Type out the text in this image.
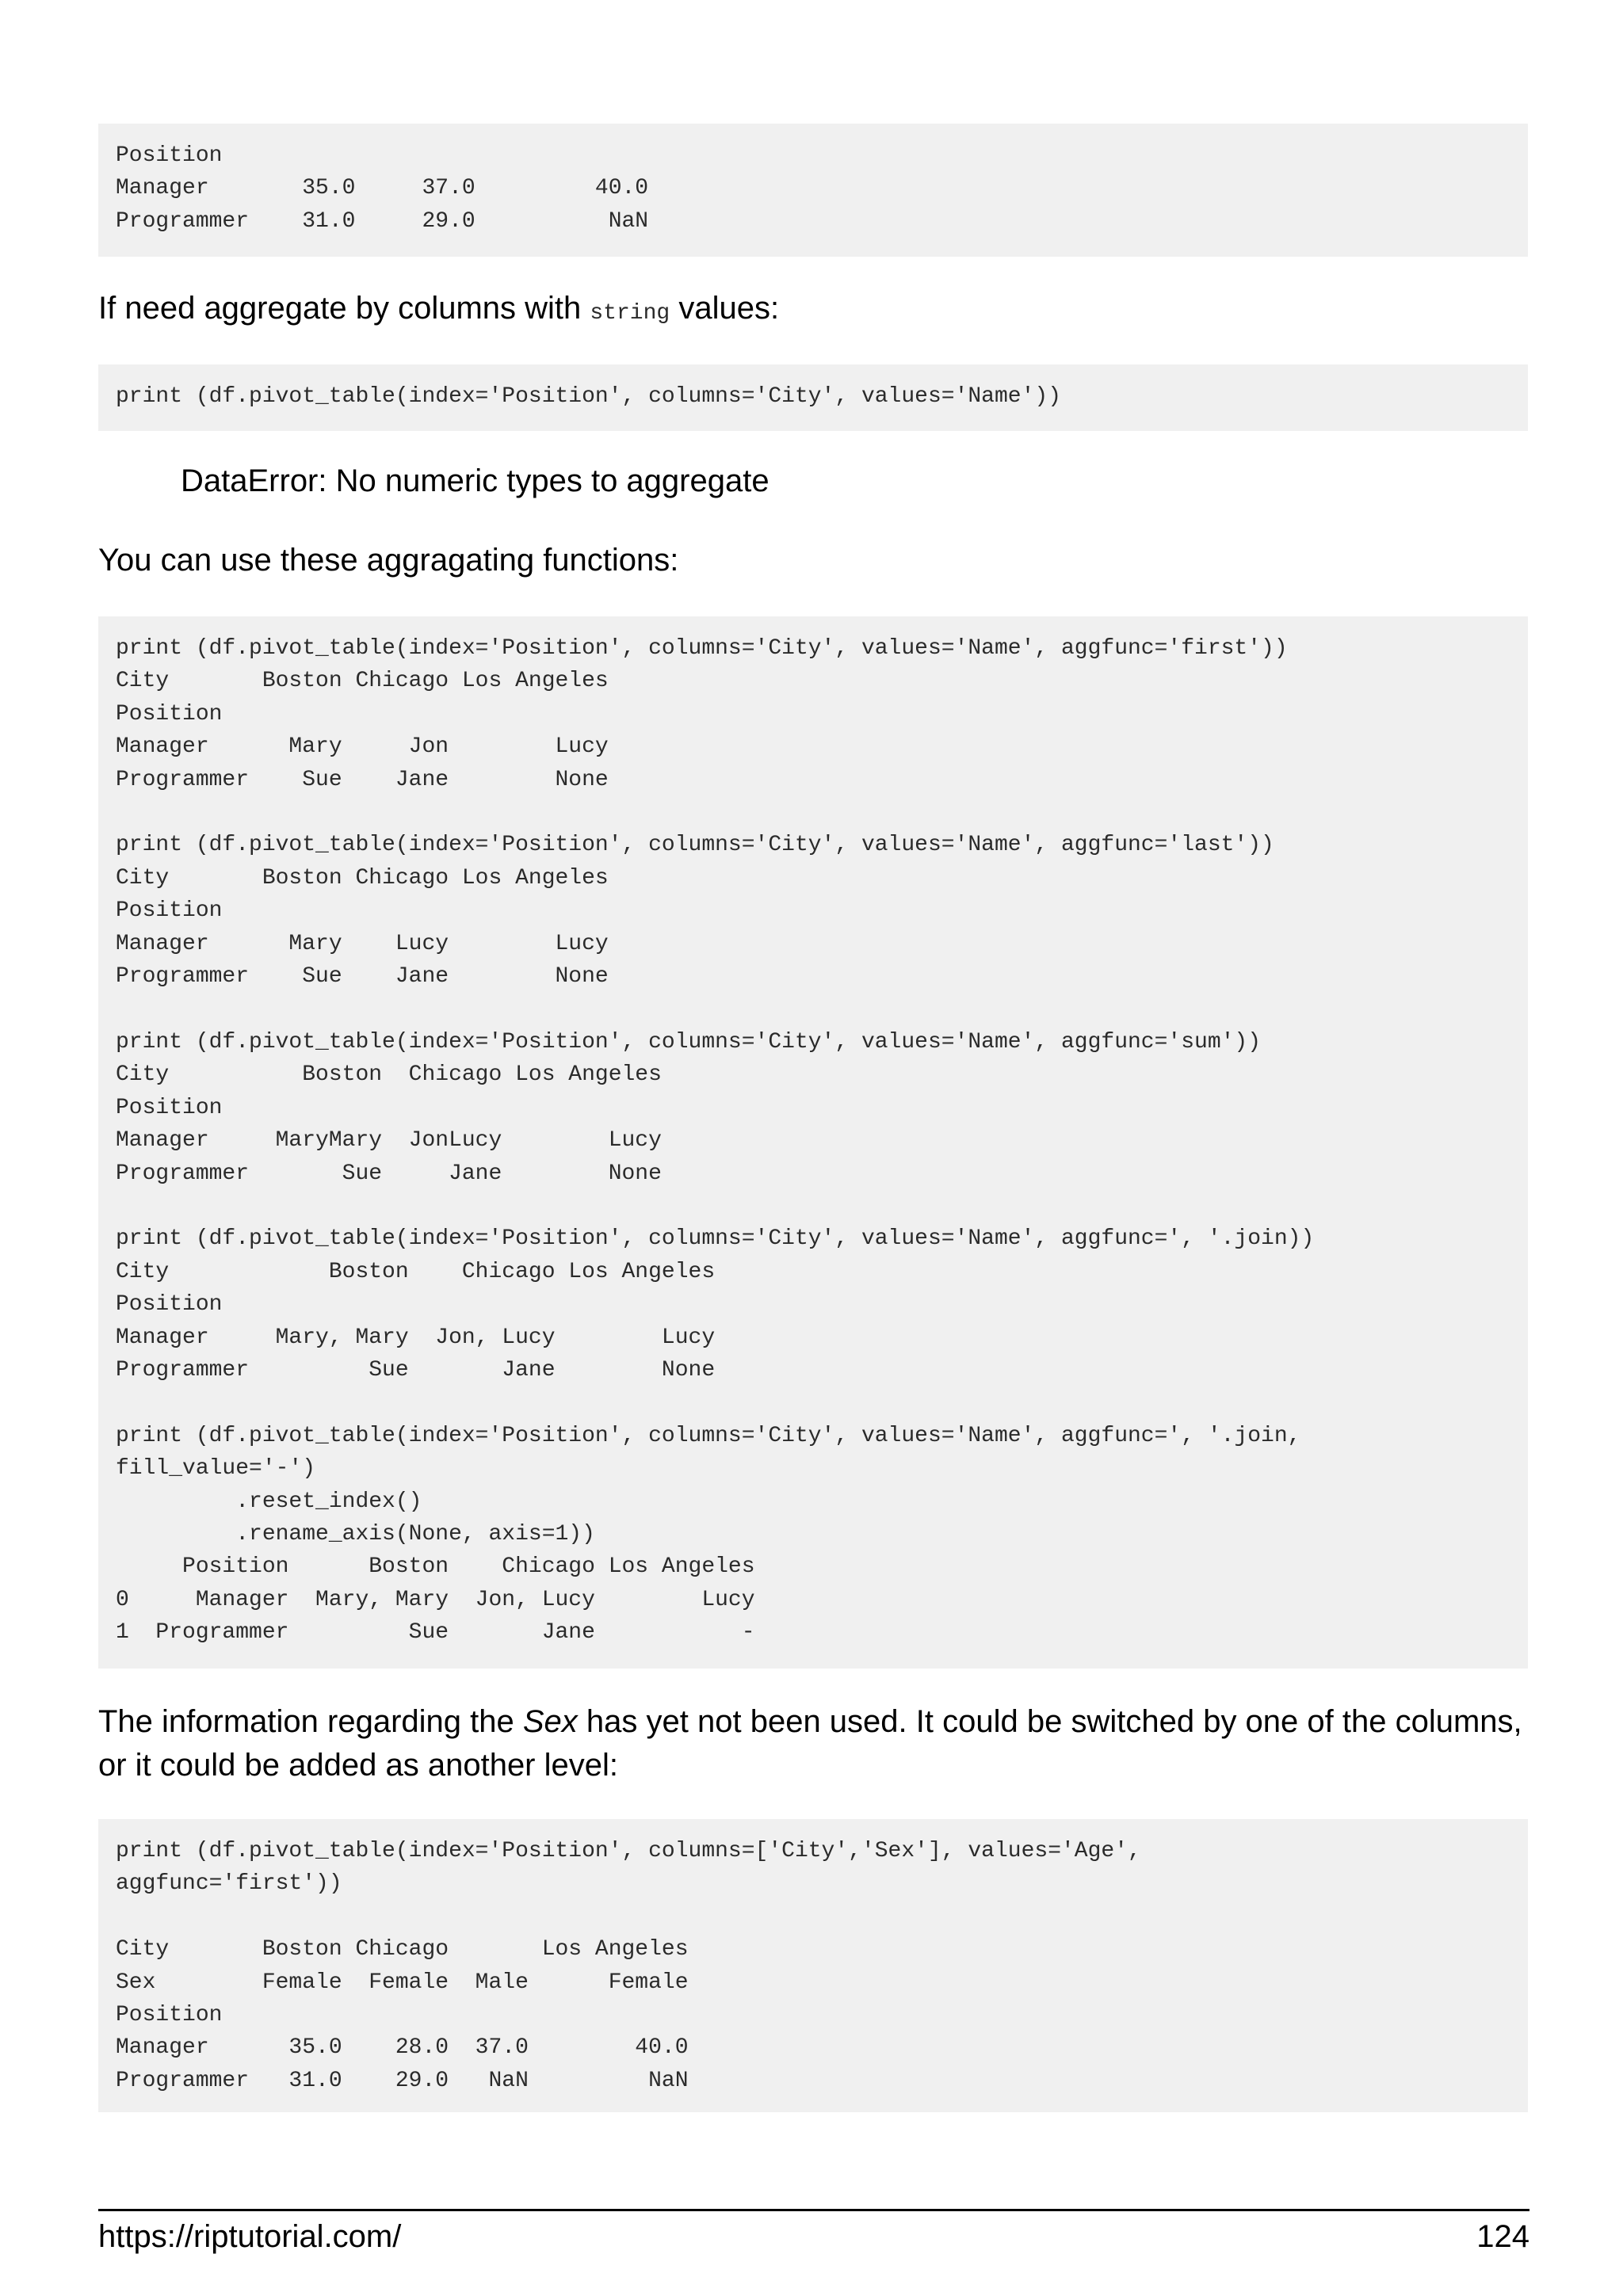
Position
Manager       35.0     37.0         40.0
Programmer    31.0     29.0          NaN

If need aggregate by columns with string values:

print (df.pivot_table(index='Position', columns='City', values='Name'))

DataError: No numeric types to aggregate

You can use these aggragating functions:

print (df.pivot_table(index='Position', columns='City', values='Name', aggfunc='first'))
City       Boston Chicago Los Angeles
Position
Manager      Mary     Jon        Lucy
Programmer    Sue    Jane        None

print (df.pivot_table(index='Position', columns='City', values='Name', aggfunc='last'))
City       Boston Chicago Los Angeles
Position
Manager      Mary    Lucy        Lucy
Programmer    Sue    Jane        None

print (df.pivot_table(index='Position', columns='City', values='Name', aggfunc='sum'))
City          Boston  Chicago Los Angeles
Position
Manager     MaryMary  JonLucy        Lucy
Programmer       Sue     Jane        None

print (df.pivot_table(index='Position', columns='City', values='Name', aggfunc=', '.join))
City            Boston    Chicago Los Angeles
Position
Manager     Mary, Mary  Jon, Lucy        Lucy
Programmer         Sue       Jane        None

print (df.pivot_table(index='Position', columns='City', values='Name', aggfunc=', '.join,
fill_value='-')
.reset_index()
.rename_axis(None, axis=1))
Position      Boston    Chicago Los Angeles
0     Manager  Mary, Mary  Jon, Lucy        Lucy
1  Programmer         Sue       Jane           -

The information regarding the Sex has yet not been used. It could be switched by one of the columns, or it could be added as another level:

print (df.pivot_table(index='Position', columns=['City','Sex'], values='Age',
aggfunc='first'))

City       Boston Chicago       Los Angeles
Sex        Female  Female  Male      Female
Position
Manager      35.0    28.0  37.0        40.0
Programmer   31.0    29.0   NaN         NaN
https://riptutorial.com/	124
